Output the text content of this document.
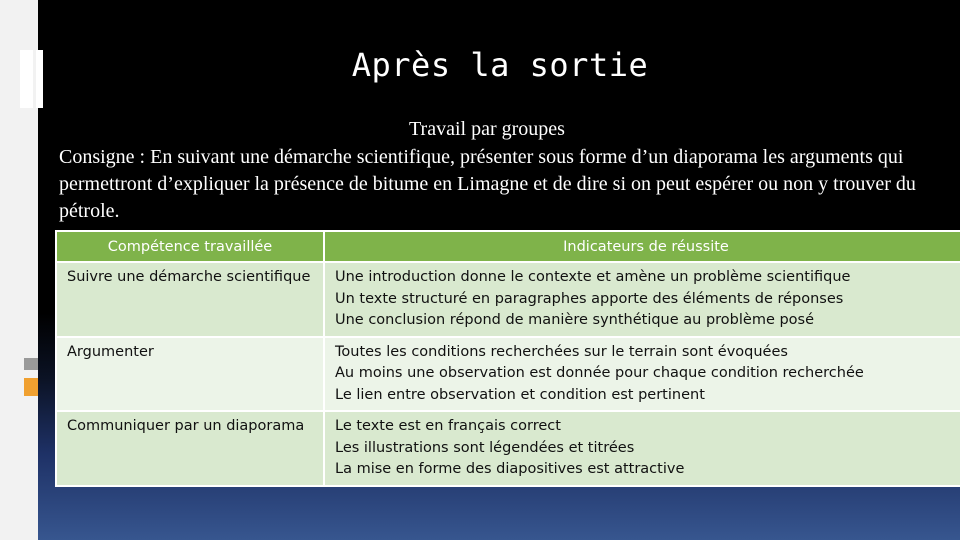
Après la sortie
Travail par groupes
Consigne : En suivant une démarche scientifique, présenter sous forme d’un diaporama les arguments qui permettront d’expliquer la présence de bitume en Limagne et de dire si on peut espérer ou non y trouver du pétrole.
Compétence travaillée	Indicateurs de réussite
Suivre une démarche scientifique	Une introduction donne le contexte et amène un problème scientifique
Un texte structuré en paragraphes apporte des éléments de réponses
Une conclusion répond de manière synthétique au problème posé

Argumenter	Toutes les conditions recherchées sur le terrain sont évoquées
Au moins une observation est donnée pour chaque condition recherchée
Le lien entre observation et condition est pertinent

Communiquer par un diaporama	Le texte est en français correct
Les illustrations sont légendées et titrées
La mise en forme des diapositives est attractive
